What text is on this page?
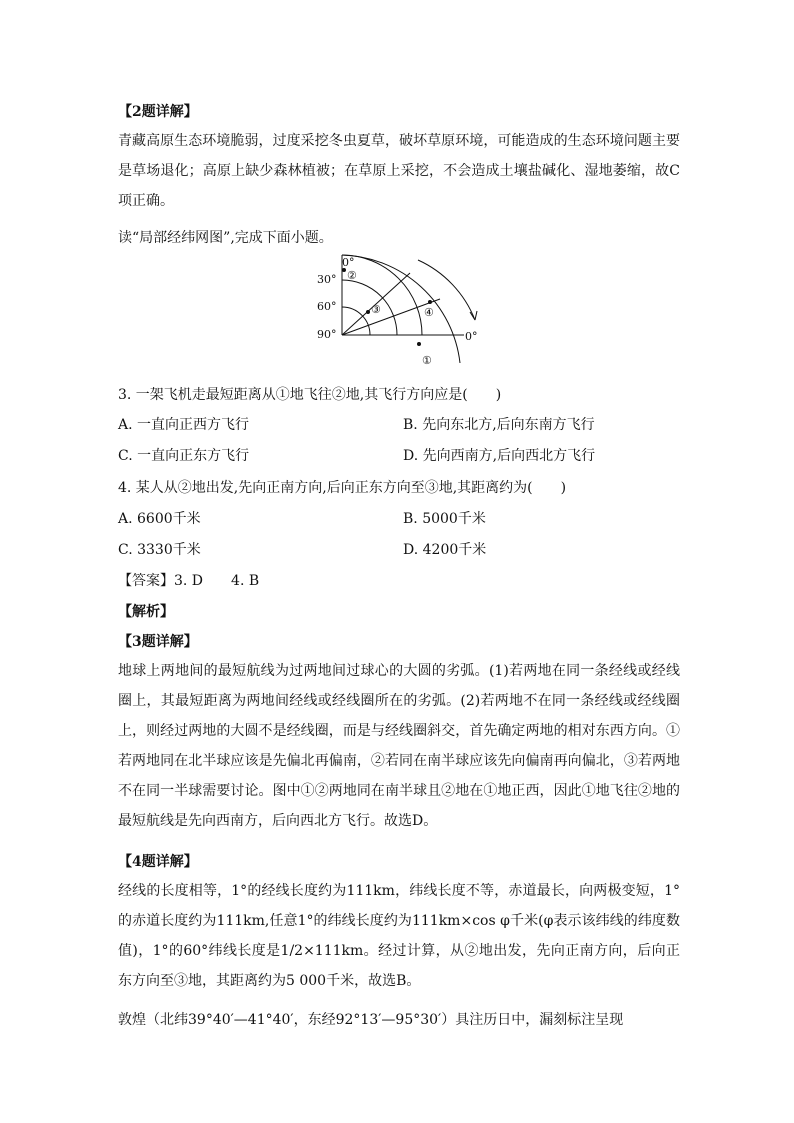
【2题详解】
青藏高原生态环境脆弱，过度采挖冬虫夏草，破坏草原环境，可能造成的生态环境问题主要是草场退化；高原上缺少森林植被；在草原上采挖，不会造成土壤盐碱化、湿地萎缩，故C项正确。
读“局部经纬网图”,完成下面小题。
0°
30°
60°
90°	0°
①
②
③	④
3. 一架飞机走最短距离从①地飞往②地,其飞行方向应是(　　)
A. 一直向正西方飞行	B. 先向东北方,后向东南方飞行
C. 一直向正东方飞行	D. 先向西南方,后向西北方飞行
4. 某人从②地出发,先向正南方向,后向正东方向至③地,其距离约为(　　)
A. 6600千米	B. 5000千米
C. 3330千米	D. 4200千米
【答案】3. D　　4. B
【解析】
【3题详解】
地球上两地间的最短航线为过两地间过球心的大圆的劣弧。(1)若两地在同一条经线或经线圈上，其最短距离为两地间经线或经线圈所在的劣弧。(2)若两地不在同一条经线或经线圈上，则经过两地的大圆不是经线圈，而是与经线圈斜交，首先确定两地的相对东西方向。①若两地同在北半球应该是先偏北再偏南，②若同在南半球应该先向偏南再向偏北，③若两地不在同一半球需要讨论。图中①②两地同在南半球且②地在①地正西，因此①地飞往②地的最短航线是先向西南方，后向西北方飞行。故选D。
【4题详解】
经线的长度相等，1°的经线长度约为111km，纬线长度不等，赤道最长，向两极变短，1°的赤道长度约为111km,任意1°的纬线长度约为111km×cos φ千米(φ表示该纬线的纬度数值)，1°的60°纬线长度是1/2×111km。经过计算，从②地出发，先向正南方向，后向正东方向至③地，其距离约为5 000千米，故选B。
敦煌（北纬39°40′—41°40′，东经92°13′—95°30′）具注历日中，漏刻标注呈现
